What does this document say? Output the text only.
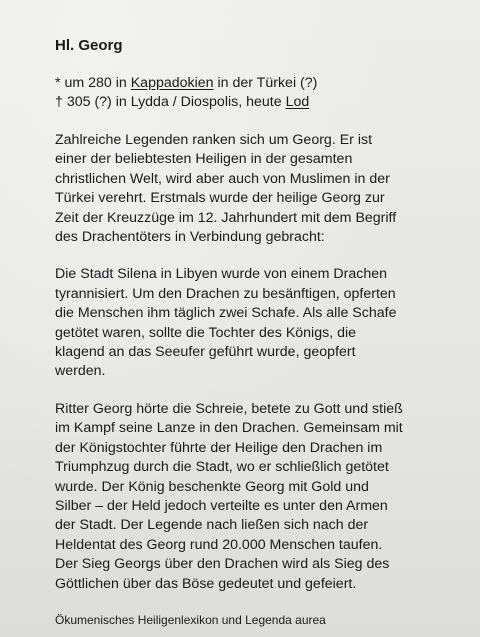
Hl. Georg
* um 280 in Kappadokien in der Türkei (?)
† 305 (?) in Lydda / Diospolis, heute Lod
Zahlreiche Legenden ranken sich um Georg. Er ist
einer der beliebtesten Heiligen in der gesamten
christlichen Welt, wird aber auch von Muslimen in der
Türkei verehrt. Erstmals wurde der heilige Georg zur
Zeit der Kreuzzüge im 12. Jahrhundert mit dem Begriff
des Drachentöters in Verbindung gebracht:
Die Stadt Silena in Libyen wurde von einem Drachen
tyrannisiert. Um den Drachen zu besänftigen, opferten
die Menschen ihm täglich zwei Schafe. Als alle Schafe
getötet waren, sollte die Tochter des Königs, die
klagend an das Seeufer geführt wurde, geopfert
werden.
Ritter Georg hörte die Schreie, betete zu Gott und stieß
im Kampf seine Lanze in den Drachen. Gemeinsam mit
der Königstochter führte der Heilige den Drachen im
Triumphzug durch die Stadt, wo er schließlich getötet
wurde. Der König beschenkte Georg mit Gold und
Silber – der Held jedoch verteilte es unter den Armen
der Stadt. Der Legende nach ließen sich nach der
Heldentat des Georg rund 20.000 Menschen taufen.
Der Sieg Georgs über den Drachen wird als Sieg des
Göttlichen über das Böse gedeutet und gefeiert.
Ökumenisches Heiligenlexikon und Legenda aurea
